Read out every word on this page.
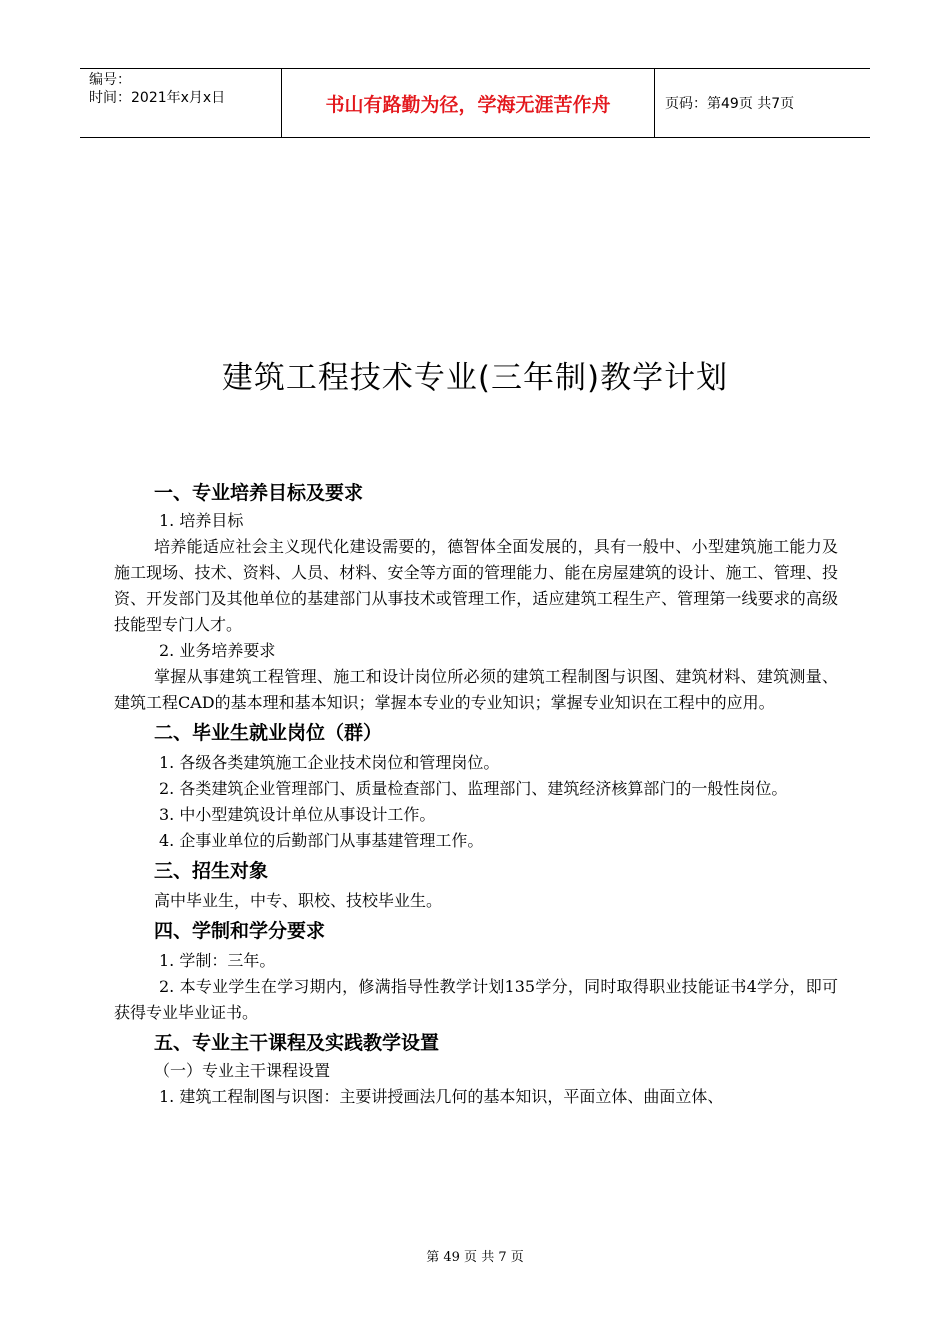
编号：
时间：2021年x月x日	书山有路勤为径，学海无涯苦作舟	页码：第49页 共7页
建筑工程技术专业(三年制)教学计划
一、专业培养目标及要求
1. 培养目标
培养能适应社会主义现代化建设需要的，德智体全面发展的，具有一般中、小型建筑施工能力及施工现场、技术、资料、人员、材料、安全等方面的管理能力、能在房屋建筑的设计、施工、管理、投资、开发部门及其他单位的基建部门从事技术或管理工作，适应建筑工程生产、管理第一线要求的高级技能型专门人才。
2. 业务培养要求
掌握从事建筑工程管理、施工和设计岗位所必须的建筑工程制图与识图、建筑材料、建筑测量、建筑工程CAD的基本理和基本知识；掌握本专业的专业知识；掌握专业知识在工程中的应用。
二、毕业生就业岗位（群）
1. 各级各类建筑施工企业技术岗位和管理岗位。
2. 各类建筑企业管理部门、质量检查部门、监理部门、建筑经济核算部门的一般性岗位。
3. 中小型建筑设计单位从事设计工作。
4. 企事业单位的后勤部门从事基建管理工作。
三、招生对象
高中毕业生，中专、职校、技校毕业生。
四、学制和学分要求
1. 学制：三年。
2. 本专业学生在学习期内，修满指导性教学计划135学分，同时取得职业技能证书4学分，即可获得专业毕业证书。
五、专业主干课程及实践教学设置
（一）专业主干课程设置
1. 建筑工程制图与识图：主要讲授画法几何的基本知识，平面立体、曲面立体、
第 49 页 共 7 页
